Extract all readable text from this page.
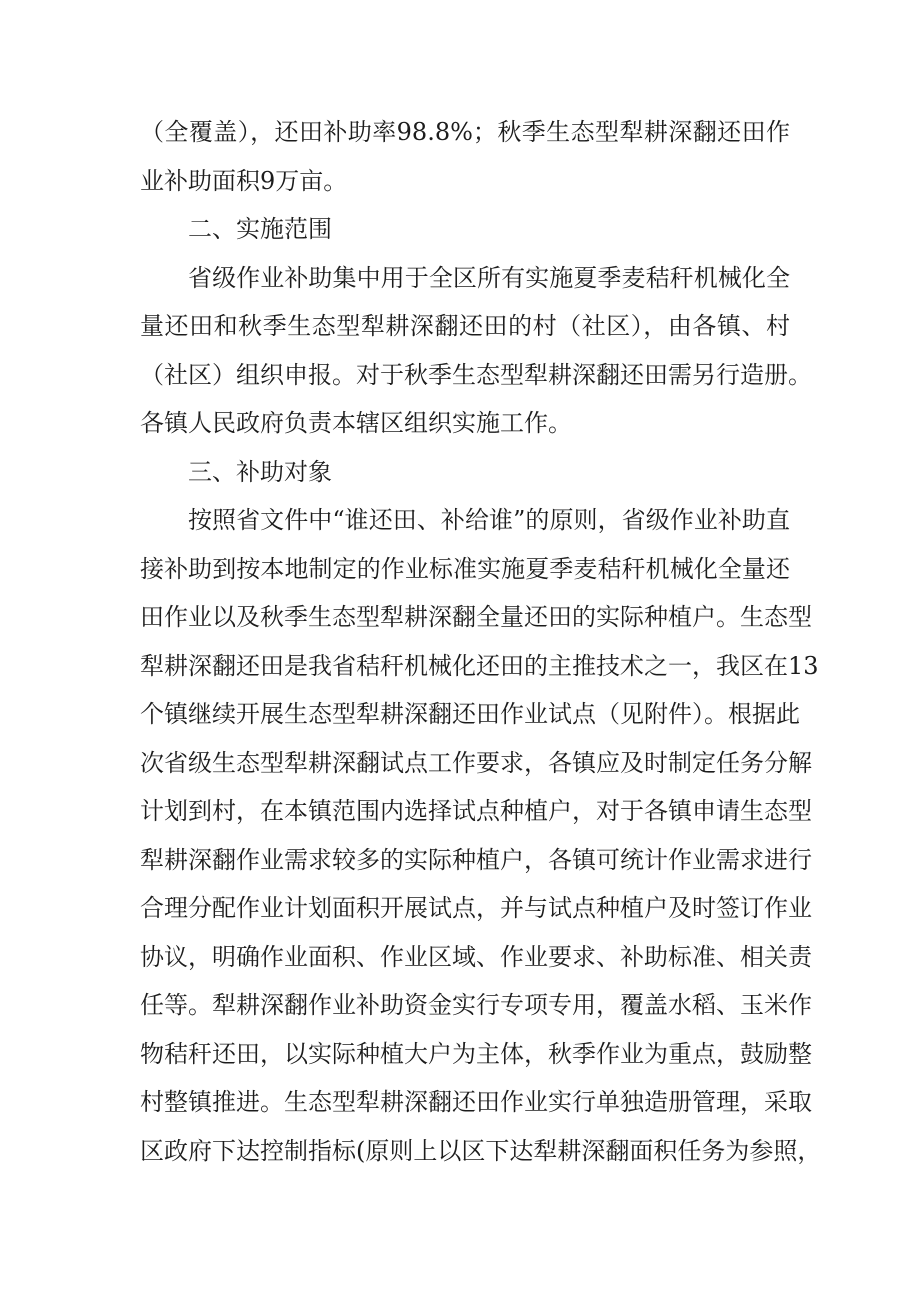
（全覆盖），还田补助率98.8%；秋季生态型犁耕深翻还田作
业补助面积9万亩。
二、实施范围
省级作业补助集中用于全区所有实施夏季麦秸秆机械化全
量还田和秋季生态型犁耕深翻还田的村（社区），由各镇、村
（社区）组织申报。对于秋季生态型犁耕深翻还田需另行造册。
各镇人民政府负责本辖区组织实施工作。
三、补助对象
按照省文件中“谁还田、补给谁”的原则，省级作业补助直
接补助到按本地制定的作业标准实施夏季麦秸秆机械化全量还
田作业以及秋季生态型犁耕深翻全量还田的实际种植户。生态型
犁耕深翻还田是我省秸秆机械化还田的主推技术之一，我区在13
个镇继续开展生态型犁耕深翻还田作业试点（见附件）。根据此
次省级生态型犁耕深翻试点工作要求，各镇应及时制定任务分解
计划到村，在本镇范围内选择试点种植户，对于各镇申请生态型
犁耕深翻作业需求较多的实际种植户，各镇可统计作业需求进行
合理分配作业计划面积开展试点，并与试点种植户及时签订作业
协议，明确作业面积、作业区域、作业要求、补助标准、相关责
任等。犁耕深翻作业补助资金实行专项专用，覆盖水稻、玉米作
物秸秆还田，以实际种植大户为主体，秋季作业为重点，鼓励整
村整镇推进。生态型犁耕深翻还田作业实行单独造册管理，采取
区政府下达控制指标(原则上以区下达犁耕深翻面积任务为参照，
